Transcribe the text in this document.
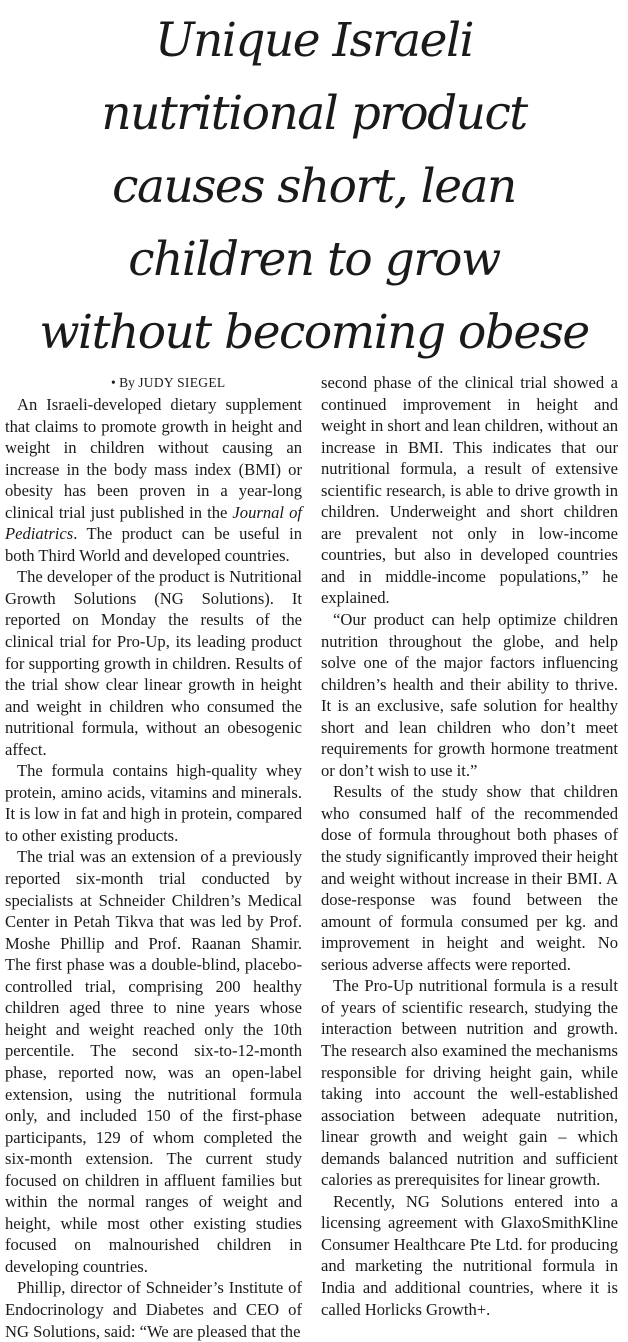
Unique Israeli
nutritional product
causes short, lean
children to grow
without becoming obese

• By JUDY SIEGEL

An Israeli-developed dietary supplement that claims to promote growth in height and weight in children without causing an increase in the body mass index (BMI) or obesity has been proven in a year-long clinical trial just published in the Journal of Pediatrics. The product can be useful in both Third World and developed countries.

The developer of the product is Nutritional Growth Solutions (NG Solutions). It reported on Monday the results of the clinical trial for Pro-Up, its leading product for supporting growth in children. Results of the trial show clear linear growth in height and weight in children who consumed the nutritional formula, without an obesogenic affect.

The formula contains high-quality whey protein, amino acids, vitamins and minerals. It is low in fat and high in protein, compared to other existing products.

The trial was an extension of a previously reported six-month trial conducted by specialists at Schneider Children’s Medical Center in Petah Tikva that was led by Prof. Moshe Phillip and Prof. Raanan Shamir. The first phase was a double-blind, placebo-controlled trial, comprising 200 healthy children aged three to nine years whose height and weight reached only the 10th percentile. The second six-to-12-month phase, reported now, was an open-label extension, using the nutritional formula only, and included 150 of the first-phase participants, 129 of whom completed the six-month extension. The current study focused on children in affluent families but within the normal ranges of weight and height, while most other existing studies focused on malnourished children in developing countries.

Phillip, director of Schneider’s Institute of Endocrinology and Diabetes and CEO of NG Solutions, said: “We are pleased that the

second phase of the clinical trial showed a continued improvement in height and weight in short and lean children, without an increase in BMI. This indicates that our nutritional formula, a result of extensive scientific research, is able to drive growth in children. Underweight and short children are prevalent not only in low-income countries, but also in developed countries and in middle-income populations,” he explained.

“Our product can help optimize children nutrition throughout the globe, and help solve one of the major factors influencing children’s health and their ability to thrive. It is an exclusive, safe solution for healthy short and lean children who don’t meet requirements for growth hormone treatment or don’t wish to use it.”

Results of the study show that children who consumed half of the recommended dose of formula throughout both phases of the study significantly improved their height and weight without increase in their BMI. A dose-response was found between the amount of formula consumed per kg. and improvement in height and weight. No serious adverse affects were reported.

The Pro-Up nutritional formula is a result of years of scientific research, studying the interaction between nutrition and growth. The research also examined the mechanisms responsible for driving height gain, while taking into account the well-established association between adequate nutrition, linear growth and weight gain – which demands balanced nutrition and sufficient calories as prerequisites for linear growth.

Recently, NG Solutions entered into a licensing agreement with GlaxoSmithKline Consumer Healthcare Pte Ltd. for producing and marketing the nutritional formula in India and additional countries, where it is called Horlicks Growth+.
